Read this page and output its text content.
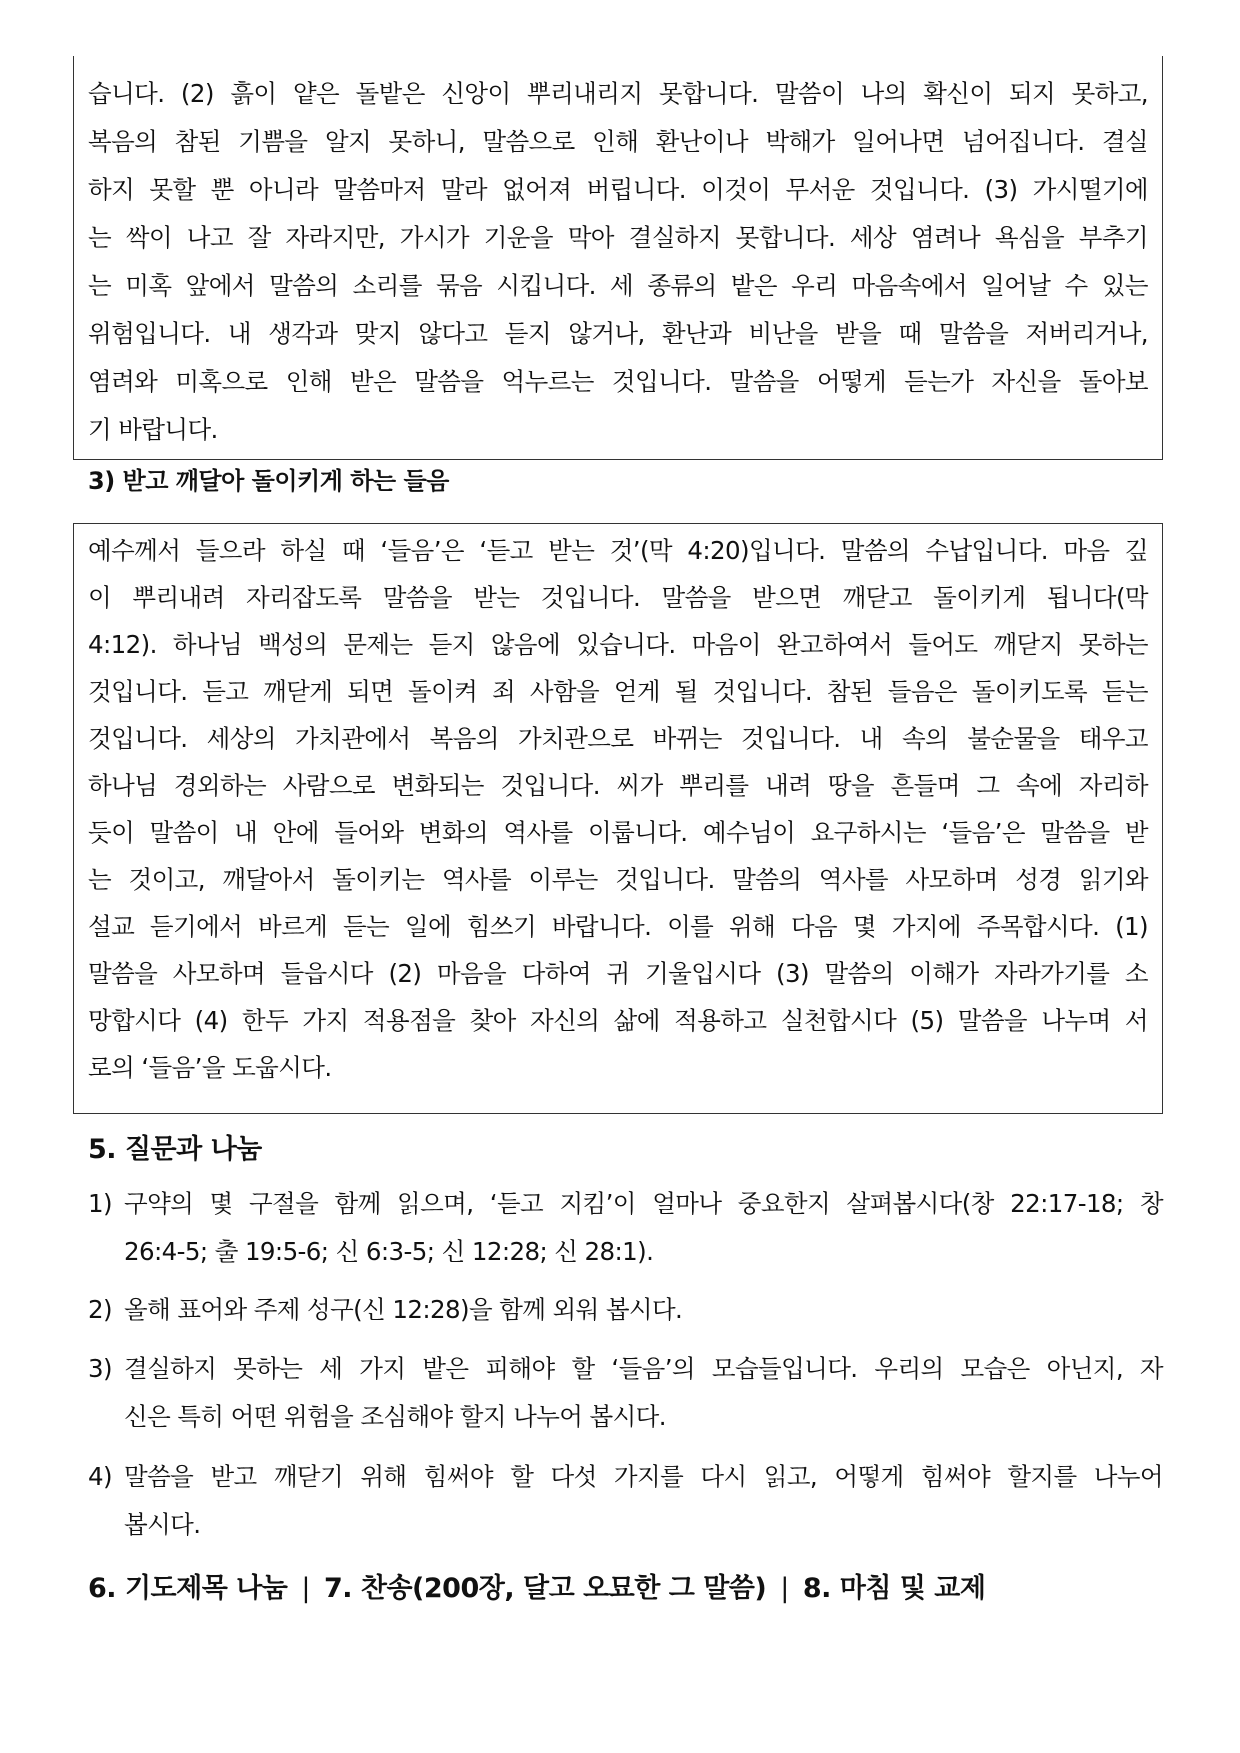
습니다. (2) 흙이 얕은 돌밭은 신앙이 뿌리내리지 못합니다. 말씀이 나의 확신이 되지 못하고,
복음의 참된 기쁨을 알지 못하니, 말씀으로 인해 환난이나 박해가 일어나면 넘어집니다. 결실
하지 못할 뿐 아니라 말씀마저 말라 없어져 버립니다. 이것이 무서운 것입니다. (3) 가시떨기에
는 싹이 나고 잘 자라지만, 가시가 기운을 막아 결실하지 못합니다. 세상 염려나 욕심을 부추기
는 미혹 앞에서 말씀의 소리를 묶음 시킵니다. 세 종류의 밭은 우리 마음속에서 일어날 수 있는
위험입니다. 내 생각과 맞지 않다고 듣지 않거나, 환난과 비난을 받을 때 말씀을 저버리거나,
염려와 미혹으로 인해 받은 말씀을 억누르는 것입니다. 말씀을 어떻게 듣는가 자신을 돌아보
기 바랍니다.
3) 받고 깨달아 돌이키게 하는 들음
예수께서 들으라 하실 때 ‘들음’은 ‘듣고 받는 것’(막 4:20)입니다. 말씀의 수납입니다. 마음 깊
이 뿌리내려 자리잡도록 말씀을 받는 것입니다. 말씀을 받으면 깨닫고 돌이키게 됩니다(막
4:12). 하나님 백성의 문제는 듣지 않음에 있습니다. 마음이 완고하여서 들어도 깨닫지 못하는
것입니다. 듣고 깨닫게 되면 돌이켜 죄 사함을 얻게 될 것입니다. 참된 들음은 돌이키도록 듣는
것입니다. 세상의 가치관에서 복음의 가치관으로 바뀌는 것입니다. 내 속의 불순물을 태우고
하나님 경외하는 사람으로 변화되는 것입니다. 씨가 뿌리를 내려 땅을 흔들며 그 속에 자리하
듯이 말씀이 내 안에 들어와 변화의 역사를 이룹니다. 예수님이 요구하시는 ‘들음’은 말씀을 받
는 것이고, 깨달아서 돌이키는 역사를 이루는 것입니다. 말씀의 역사를 사모하며 성경 읽기와
설교 듣기에서 바르게 듣는 일에 힘쓰기 바랍니다. 이를 위해 다음 몇 가지에 주목합시다. (1)
말씀을 사모하며 들읍시다 (2) 마음을 다하여 귀 기울입시다 (3) 말씀의 이해가 자라가기를 소
망합시다 (4) 한두 가지 적용점을 찾아 자신의 삶에 적용하고 실천합시다 (5) 말씀을 나누며 서
로의 ‘들음’을 도웁시다.
5. 질문과 나눔
1) 구약의 몇 구절을 함께 읽으며, ‘듣고 지킴’이 얼마나 중요한지 살펴봅시다(창 22:17-18; 창
26:4-5; 출 19:5-6; 신 6:3-5; 신 12:28; 신 28:1).
2) 올해 표어와 주제 성구(신 12:28)을 함께 외워 봅시다.
3) 결실하지 못하는 세 가지 밭은 피해야 할 ‘들음’의 모습들입니다. 우리의 모습은 아닌지, 자
신은 특히 어떤 위험을 조심해야 할지 나누어 봅시다.
4) 말씀을 받고 깨닫기 위해 힘써야 할 다섯 가지를 다시 읽고, 어떻게 힘써야 할지를 나누어
봅시다.
6. 기도제목 나눔 | 7. 찬송(200장, 달고 오묘한 그 말씀) | 8. 마침 및 교제
